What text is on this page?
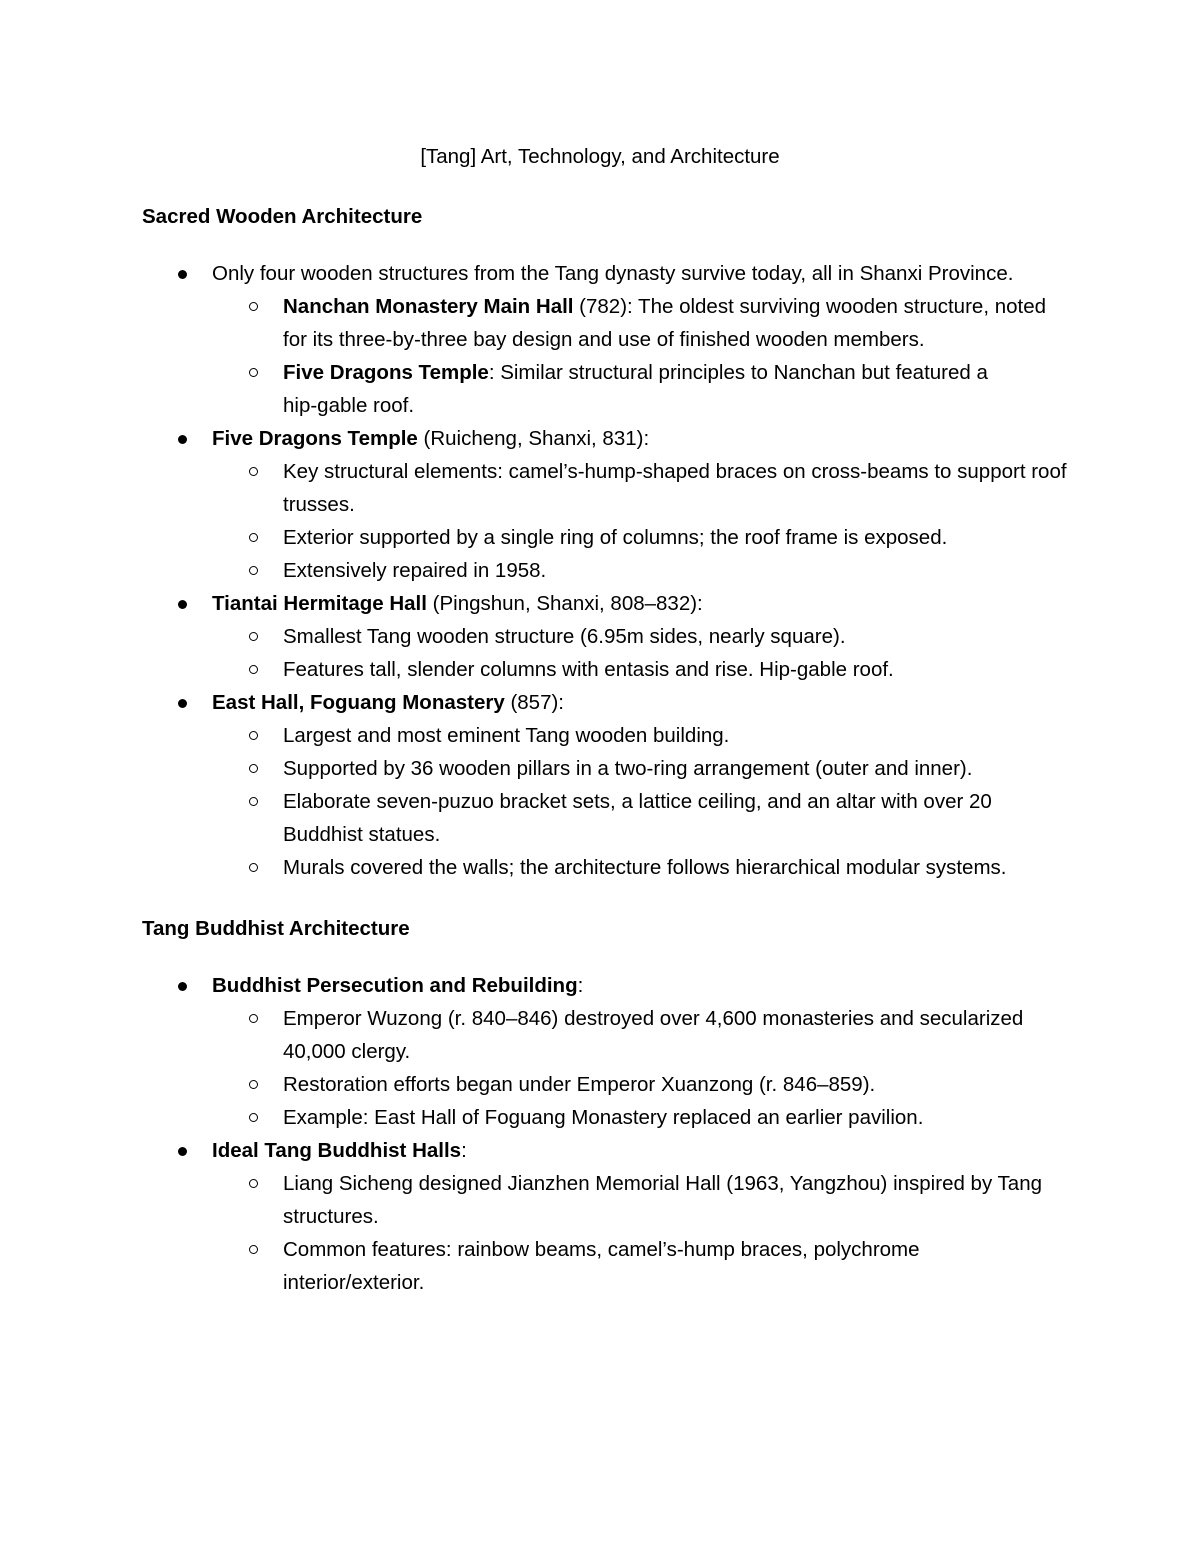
[Tang] Art, Technology, and Architecture
Sacred Wooden Architecture
Only four wooden structures from the Tang dynasty survive today, all in Shanxi Province.
Nanchan Monastery Main Hall (782): The oldest surviving wooden structure, noted for its three-by-three bay design and use of finished wooden members.
Five Dragons Temple: Similar structural principles to Nanchan but featured a hip-gable roof.
Five Dragons Temple (Ruicheng, Shanxi, 831):
Key structural elements: camel’s-hump-shaped braces on cross-beams to support roof trusses.
Exterior supported by a single ring of columns; the roof frame is exposed.
Extensively repaired in 1958.
Tiantai Hermitage Hall (Pingshun, Shanxi, 808–832):
Smallest Tang wooden structure (6.95m sides, nearly square).
Features tall, slender columns with entasis and rise. Hip-gable roof.
East Hall, Foguang Monastery (857):
Largest and most eminent Tang wooden building.
Supported by 36 wooden pillars in a two-ring arrangement (outer and inner).
Elaborate seven-puzuo bracket sets, a lattice ceiling, and an altar with over 20 Buddhist statues.
Murals covered the walls; the architecture follows hierarchical modular systems.
Tang Buddhist Architecture
Buddhist Persecution and Rebuilding:
Emperor Wuzong (r. 840–846) destroyed over 4,600 monasteries and secularized 40,000 clergy.
Restoration efforts began under Emperor Xuanzong (r. 846–859).
Example: East Hall of Foguang Monastery replaced an earlier pavilion.
Ideal Tang Buddhist Halls:
Liang Sicheng designed Jianzhen Memorial Hall (1963, Yangzhou) inspired by Tang structures.
Common features: rainbow beams, camel’s-hump braces, polychrome interior/exterior.
